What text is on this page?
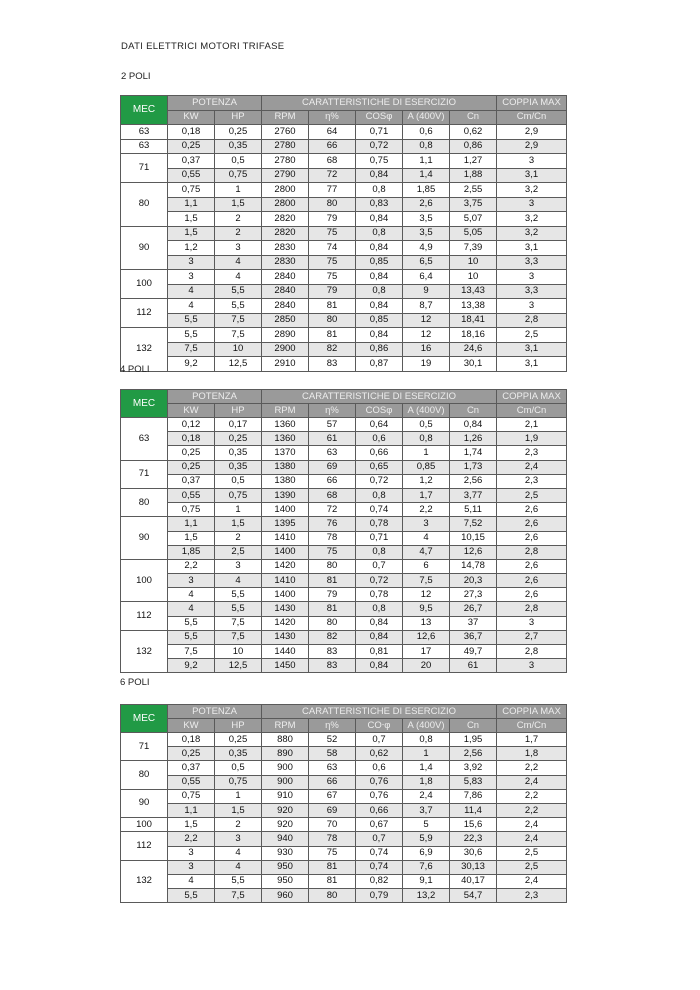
DATI ELETTRICI MOTORI TRIFASE
2 POLI
MEC	POTENZA		CARATTERISTICHE DI ESERCIZIO					COPPIA MAX
	KW	HP	RPM	η%	COSφ	A (400V)	Cn	Cm/Cn
63	0,18	0,25	2760	64	0,71	0,6	0,62	2,9
63	0,25	0,35	2780	66	0,72	0,8	0,86	2,9
71	0,37	0,5	2780	68	0,75	1,1	1,27	3
	0,55	0,75	2790	72	0,84	1,4	1,88	3,1
80	0,75	1	2800	77	0,8	1,85	2,55	3,2
	1,1	1,5	2800	80	0,83	2,6	3,75	3
	1,5	2	2820	79	0,84	3,5	5,07	3,2
90	1,5	2	2820	75	0,8	3,5	5,05	3,2
	1,2	3	2830	74	0,84	4,9	7,39	3,1
	3	4	2830	75	0,85	6,5	10	3,3
100	3	4	2840	75	0,84	6,4	10	3
	4	5,5	2840	79	0,8	9	13,43	3,3
112	4	5,5	2840	81	0,84	8,7	13,38	3
	5,5	7,5	2850	80	0,85	12	18,41	2,8
132	5,5	7,5	2890	81	0,84	12	18,16	2,5
	7,5	10	2900	82	0,86	16	24,6	3,1
	9,2	12,5	2910	83	0,87	19	30,1	3,1
4 POLI
MEC	POTENZA		CARATTERISTICHE DI ESERCIZIO					COPPIA MAX
	KW	HP	RPM	η%	COSφ	A (400V)	Cn	Cm/Cn
63	0,12	0,17	1360	57	0,64	0,5	0,84	2,1
	0,18	0,25	1360	61	0,6	0,8	1,26	1,9
	0,25	0,35	1370	63	0,66	1	1,74	2,3
71	0,25	0,35	1380	69	0,65	0,85	1,73	2,4
	0,37	0,5	1380	66	0,72	1,2	2,56	2,3
80	0,55	0,75	1390	68	0,8	1,7	3,77	2,5
	0,75	1	1400	72	0,74	2,2	5,11	2,6
90	1,1	1,5	1395	76	0,78	3	7,52	2,6
	1,5	2	1410	78	0,71	4	10,15	2,6
	1,85	2,5	1400	75	0,8	4,7	12,6	2,8
100	2,2	3	1420	80	0,7	6	14,78	2,6
	3	4	1410	81	0,72	7,5	20,3	2,6
	4	5,5	1400	79	0,78	12	27,3	2,6
112	4	5,5	1430	81	0,8	9,5	26,7	2,8
	5,5	7,5	1420	80	0,84	13	37	3
132	5,5	7,5	1430	82	0,84	12,6	36,7	2,7
	7,5	10	1440	83	0,81	17	49,7	2,8
	9,2	12,5	1450	83	0,84	20	61	3
6 POLI
MEC	POTENZA		CARATTERISTICHE DI ESERCIZIO					COPPIA MAX
	KW	HP	RPM	η%	CO⸱φ	A (400V)	Cn	Cm/Cn
71	0,18	0,25	880	52	0,7	0,8	1,95	1,7
	0,25	0,35	890	58	0,62	1	2,56	1,8
80	0,37	0,5	900	63	0,6	1,4	3,92	2,2
	0,55	0,75	900	66	0,76	1,8	5,83	2,4
90	0,75	1	910	67	0,76	2,4	7,86	2,2
	1,1	1,5	920	69	0,66	3,7	11,4	2,2
100	1,5	2	920	70	0,67	5	15,6	2,4
112	2,2	3	940	78	0,7	5,9	22,3	2,4
	3	4	930	75	0,74	6,9	30,6	2,5
132	3	4	950	81	0,74	7,6	30,13	2,5
	4	5,5	950	81	0,82	9,1	40,17	2,4
	5,5	7,5	960	80	0,79	13,2	54,7	2,3
